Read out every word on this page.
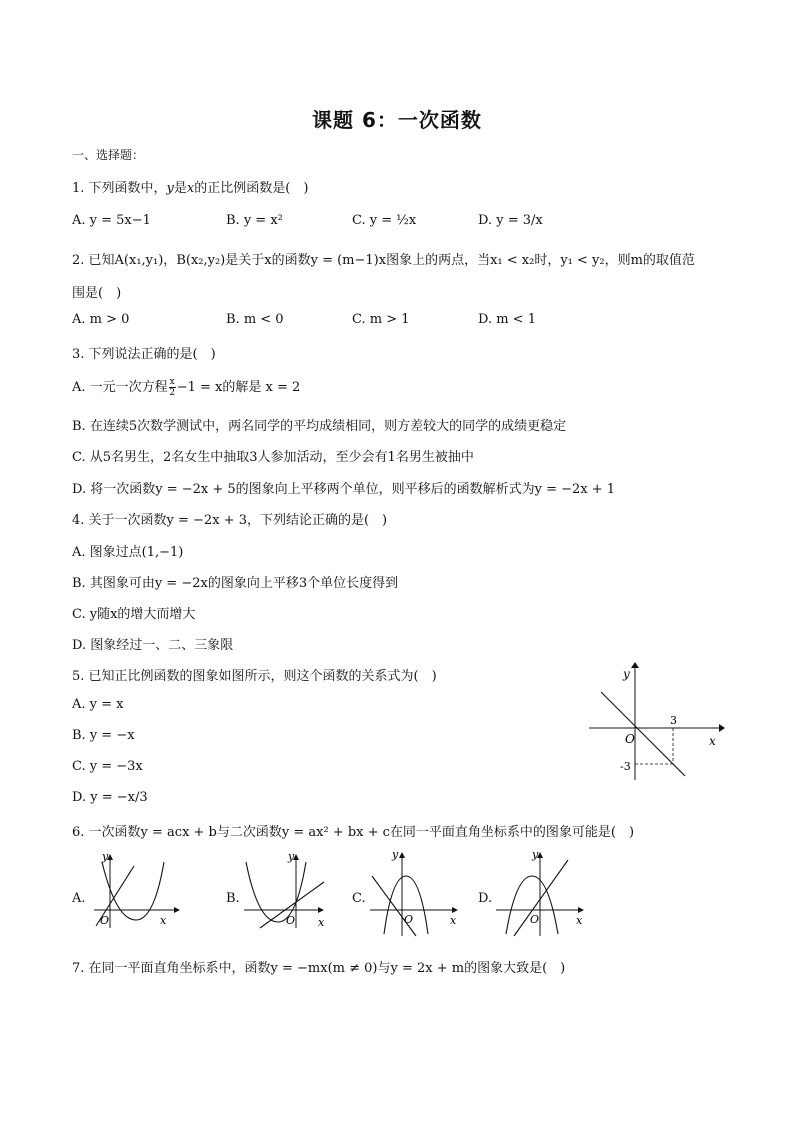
课题 6：一次函数
一、选择题：
1. 下列函数中，y是x的正比例函数是(　)
A. y = 5x−1	B. y = x²	C. y = ½x	D. y = 3/x
2. 已知A(x₁,y₁)，B(x₂,y₂)是关于x的函数y = (m−1)x图象上的两点，当x₁ < x₂时，y₁ < y₂，则m的取值范
围是(　)
A. m > 0	B. m < 0	C. m > 1	D. m < 1
3. 下列说法正确的是(　)
A. 一元一次方程 $\frac{x}{2} -1 = x$的解是 x = 2
B. 在连续5次数学测试中，两名同学的平均成绩相同，则方差较大的同学的成绩更稳定
C. 从5名男生，2名女生中抽取3人参加活动，至少会有1名男生被抽中
D. 将一次函数y = −2x + 5的图象向上平移两个单位，则平移后的函数解析式为y = −2x + 1
4. 关于一次函数y = −2x + 3，下列结论正确的是(　)
A. 图象过点(1,−1)
B. 其图象可由y = −2x的图象向上平移3个单位长度得到
C. y随x的增大而增大
D. 图象经过一、二、三象限
5. 已知正比例函数的图象如图所示，则这个函数的关系式为(　)
A. y = x
B. y = −x
C. y = −3x
D. y = −x/3
y
x
O
3
-3
6. 一次函数y = acx + b与二次函数y = ax² + bx + c在同一平面直角坐标系中的图象可能是(　)
A.
y
x
O
B.
y
x
O
C.
y
x
O
D.
y
x
O
7. 在同一平面直角坐标系中，函数y = −mx(m ≠ 0)与y = 2x + m的图象大致是(　)
